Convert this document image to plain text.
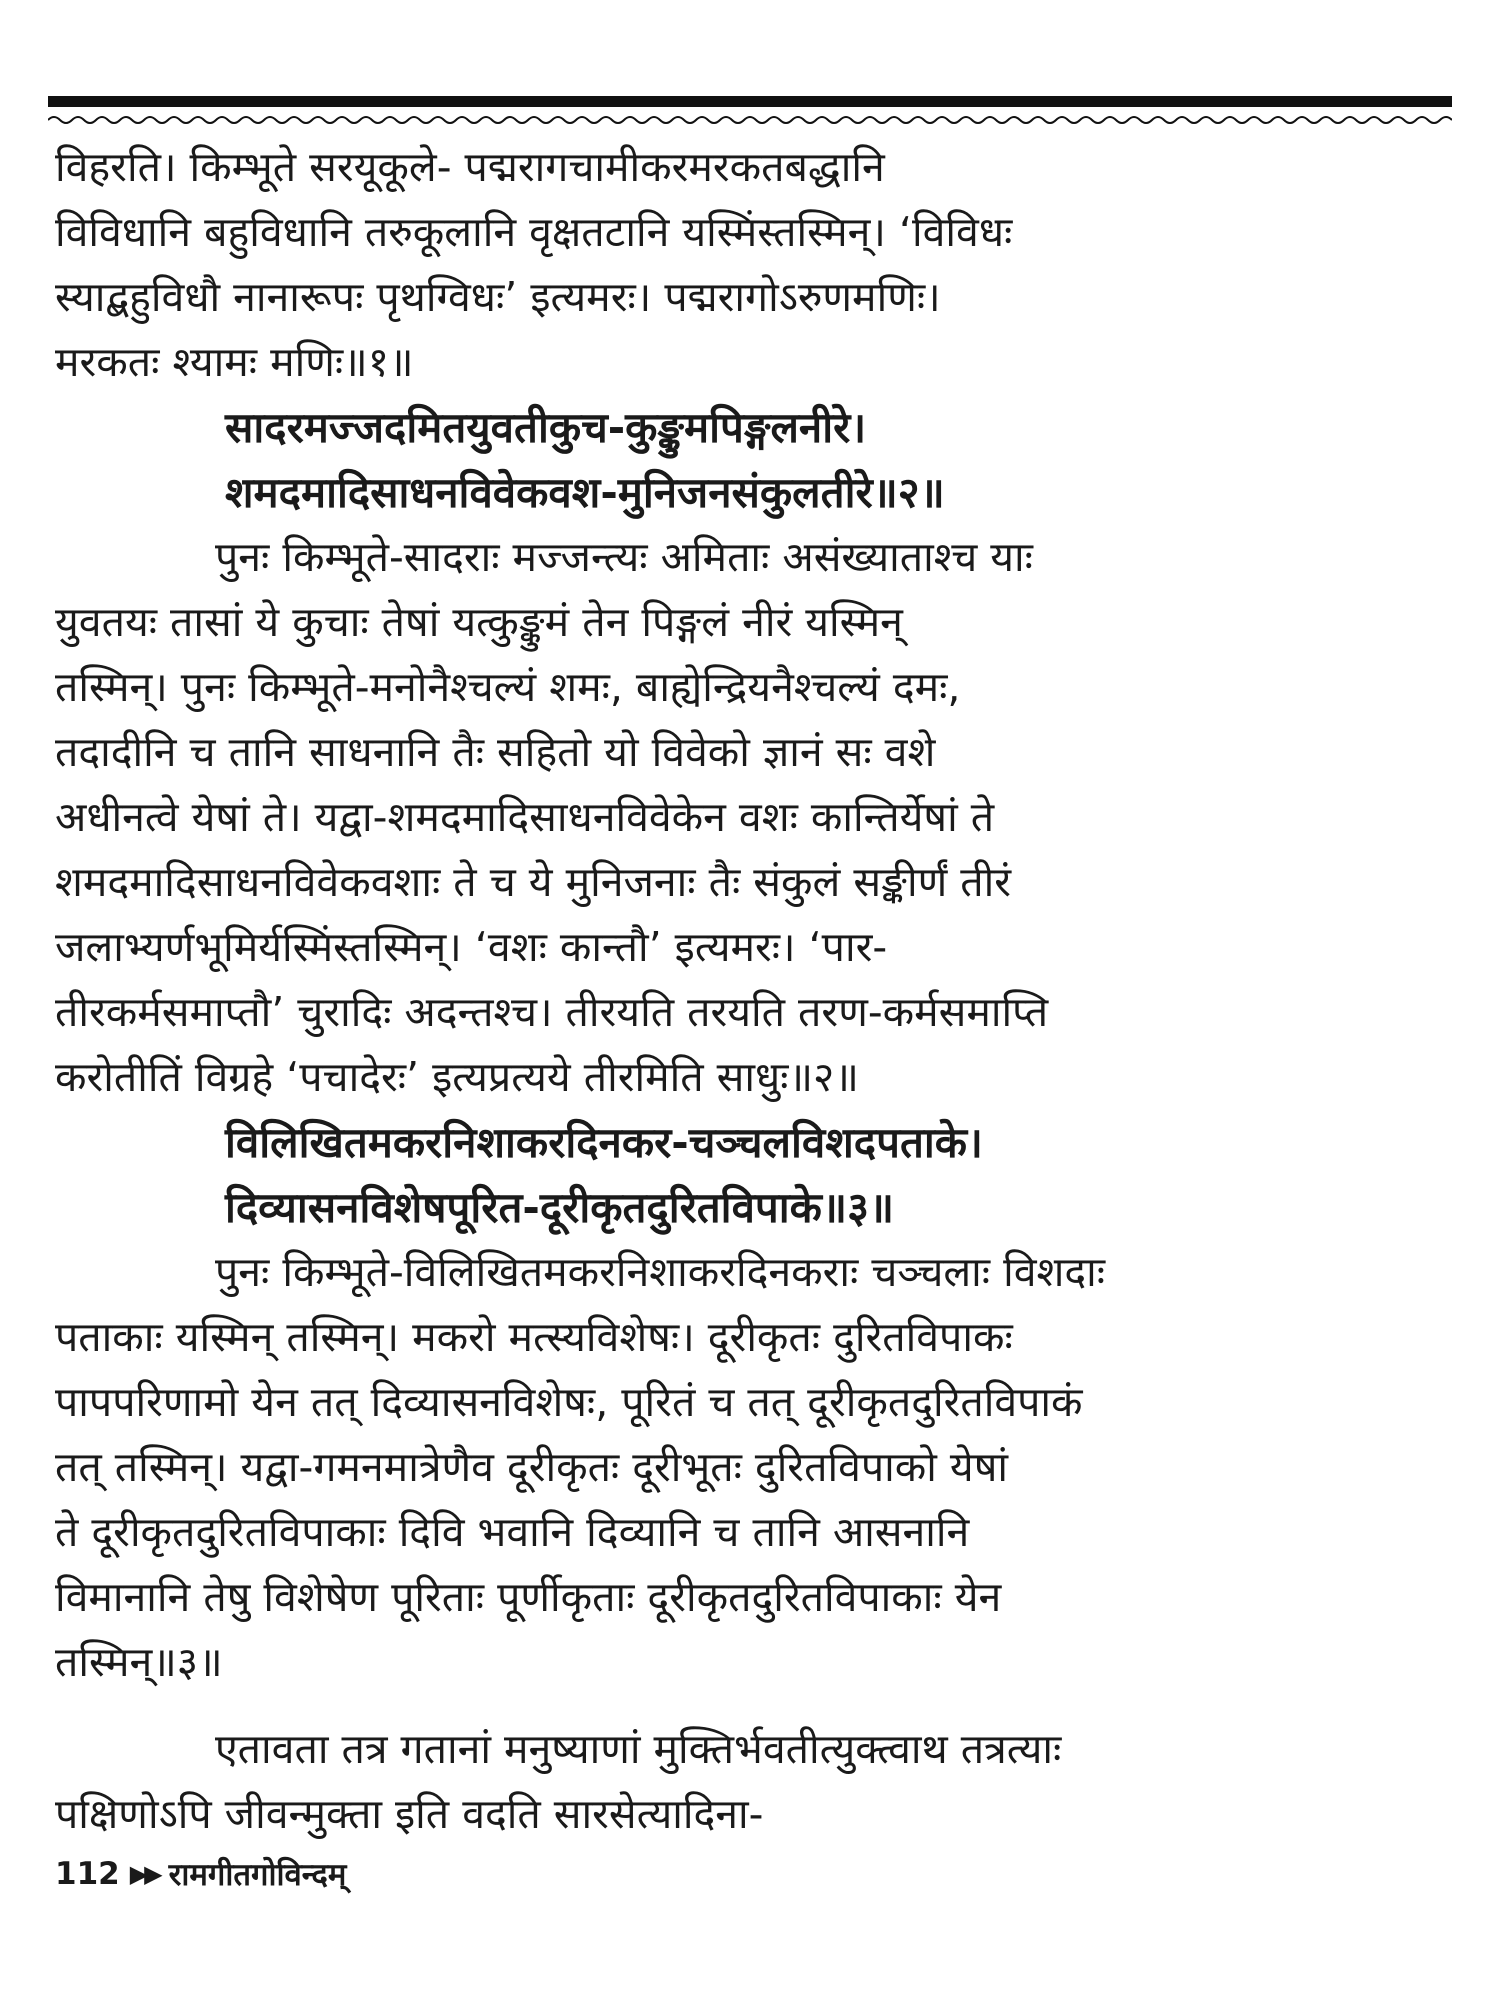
विहरति। किम्भूते सरयूकूले- पद्मरागचामीकरमरकतबद्धानि
विविधानि बहुविधानि तरुकूलानि वृक्षतटानि यस्मिंस्तस्मिन्। ‘विविधः
स्याद्बहुविधौ नानारूपः पृथग्विधः’ इत्यमरः। पद्मरागोऽरुणमणिः।
मरकतः श्यामः मणिः॥१॥
सादरमज्जदमितयुवतीकुच-कुङ्कुमपिङ्गलनीरे।
शमदमादिसाधनविवेकवश-मुनिजनसंकुलतीरे॥२॥
पुनः किम्भूते-सादराः मज्जन्त्यः अमिताः असंख्याताश्च याः
युवतयः तासां ये कुचाः तेषां यत्कुङ्कुमं तेन पिङ्गलं नीरं यस्मिन्
तस्मिन्। पुनः किम्भूते-मनोनैश्चल्यं शमः, बाह्येन्द्रियनैश्चल्यं दमः,
तदादीनि च तानि साधनानि तैः सहितो यो विवेको ज्ञानं सः वशे
अधीनत्वे येषां ते। यद्वा-शमदमादिसाधनविवेकेन वशः कान्तिर्येषां ते
शमदमादिसाधनविवेकवशाः ते च ये मुनिजनाः तैः संकुलं सङ्कीर्णं तीरं
जलाभ्यर्णभूमिर्यस्मिंस्तस्मिन्। ‘वशः कान्तौ’ इत्यमरः। ‘पार-
तीरकर्मसमाप्तौ’ चुरादिः अदन्तश्च। तीरयति तरयति तरण-कर्मसमाप्ति
करोतीतिं विग्रहे ‘पचादेरः’ इत्यप्रत्यये तीरमिति साधुः॥२॥
विलिखितमकरनिशाकरदिनकर-चञ्चलविशदपताके।
दिव्यासनविशेषपूरित-दूरीकृतदुरितविपाके॥३॥
पुनः किम्भूते-विलिखितमकरनिशाकरदिनकराः चञ्चलाः विशदाः
पताकाः यस्मिन् तस्मिन्। मकरो मत्स्यविशेषः। दूरीकृतः दुरितविपाकः
पापपरिणामो येन तत् दिव्यासनविशेषः, पूरितं च तत् दूरीकृतदुरितविपाकं
तत् तस्मिन्। यद्वा-गमनमात्रेणैव दूरीकृतः दूरीभूतः दुरितविपाको येषां
ते दूरीकृतदुरितविपाकाः दिवि भवानि दिव्यानि च तानि आसनानि
विमानानि तेषु विशेषेण पूरिताः पूर्णीकृताः दूरीकृतदुरितविपाकाः येन
तस्मिन्॥३॥
एतावता तत्र गतानां मनुष्याणां मुक्तिर्भवतीत्युक्त्वाथ तत्रत्याः
पक्षिणोऽपि जीवन्मुक्ता इति वदति सारसेत्यादिना-
112 ▶▶ रामगीतगोविन्दम्
